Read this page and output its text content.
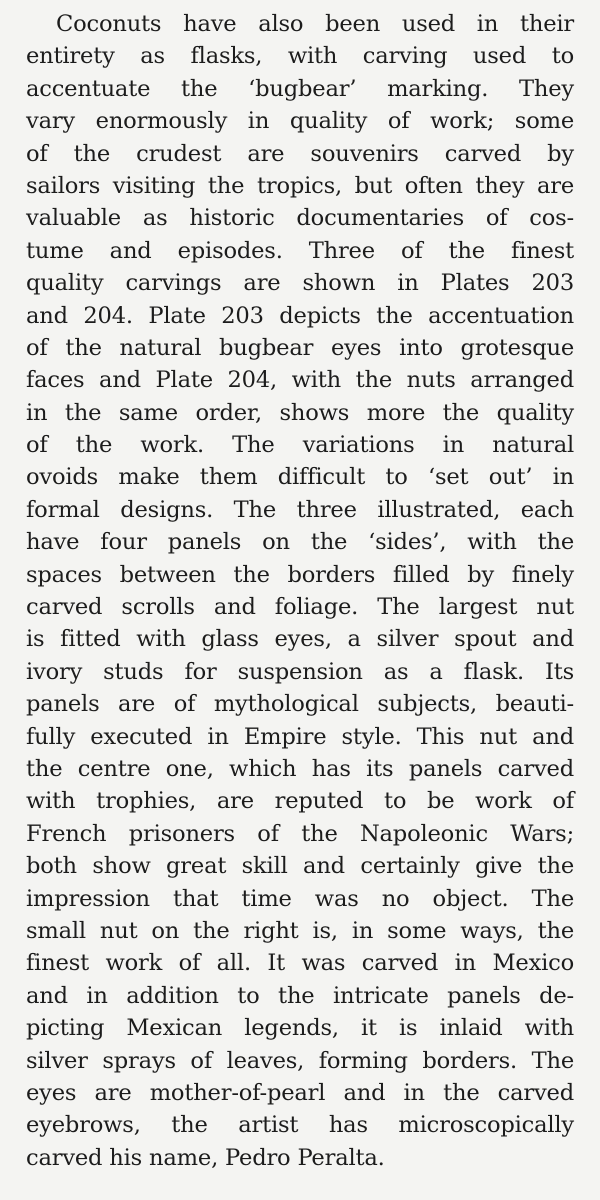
Coconuts have also been used in their
entirety as flasks, with carving used to
accentuate the ‘bugbear’ marking. They
vary enormously in quality of work; some
of the crudest are souvenirs carved by
sailors visiting the tropics, but often they are
valuable as historic documentaries of cos-
tume and episodes. Three of the finest
quality carvings are shown in Plates 203
and 204. Plate 203 depicts the accentuation
of the natural bugbear eyes into grotesque
faces and Plate 204, with the nuts arranged
in the same order, shows more the quality
of the work. The variations in natural
ovoids make them difficult to ‘set out’ in
formal designs. The three illustrated, each
have four panels on the ‘sides’, with the
spaces between the borders filled by finely
carved scrolls and foliage. The largest nut
is fitted with glass eyes, a silver spout and
ivory studs for suspension as a flask. Its
panels are of mythological subjects, beauti-
fully executed in Empire style. This nut and
the centre one, which has its panels carved
with trophies, are reputed to be work of
French prisoners of the Napoleonic Wars;
both show great skill and certainly give the
impression that time was no object. The
small nut on the right is, in some ways, the
finest work of all. It was carved in Mexico
and in addition to the intricate panels de-
picting Mexican legends, it is inlaid with
silver sprays of leaves, forming borders. The
eyes are mother-of-pearl and in the carved
eyebrows, the artist has microscopically
carved his name, Pedro Peralta.
